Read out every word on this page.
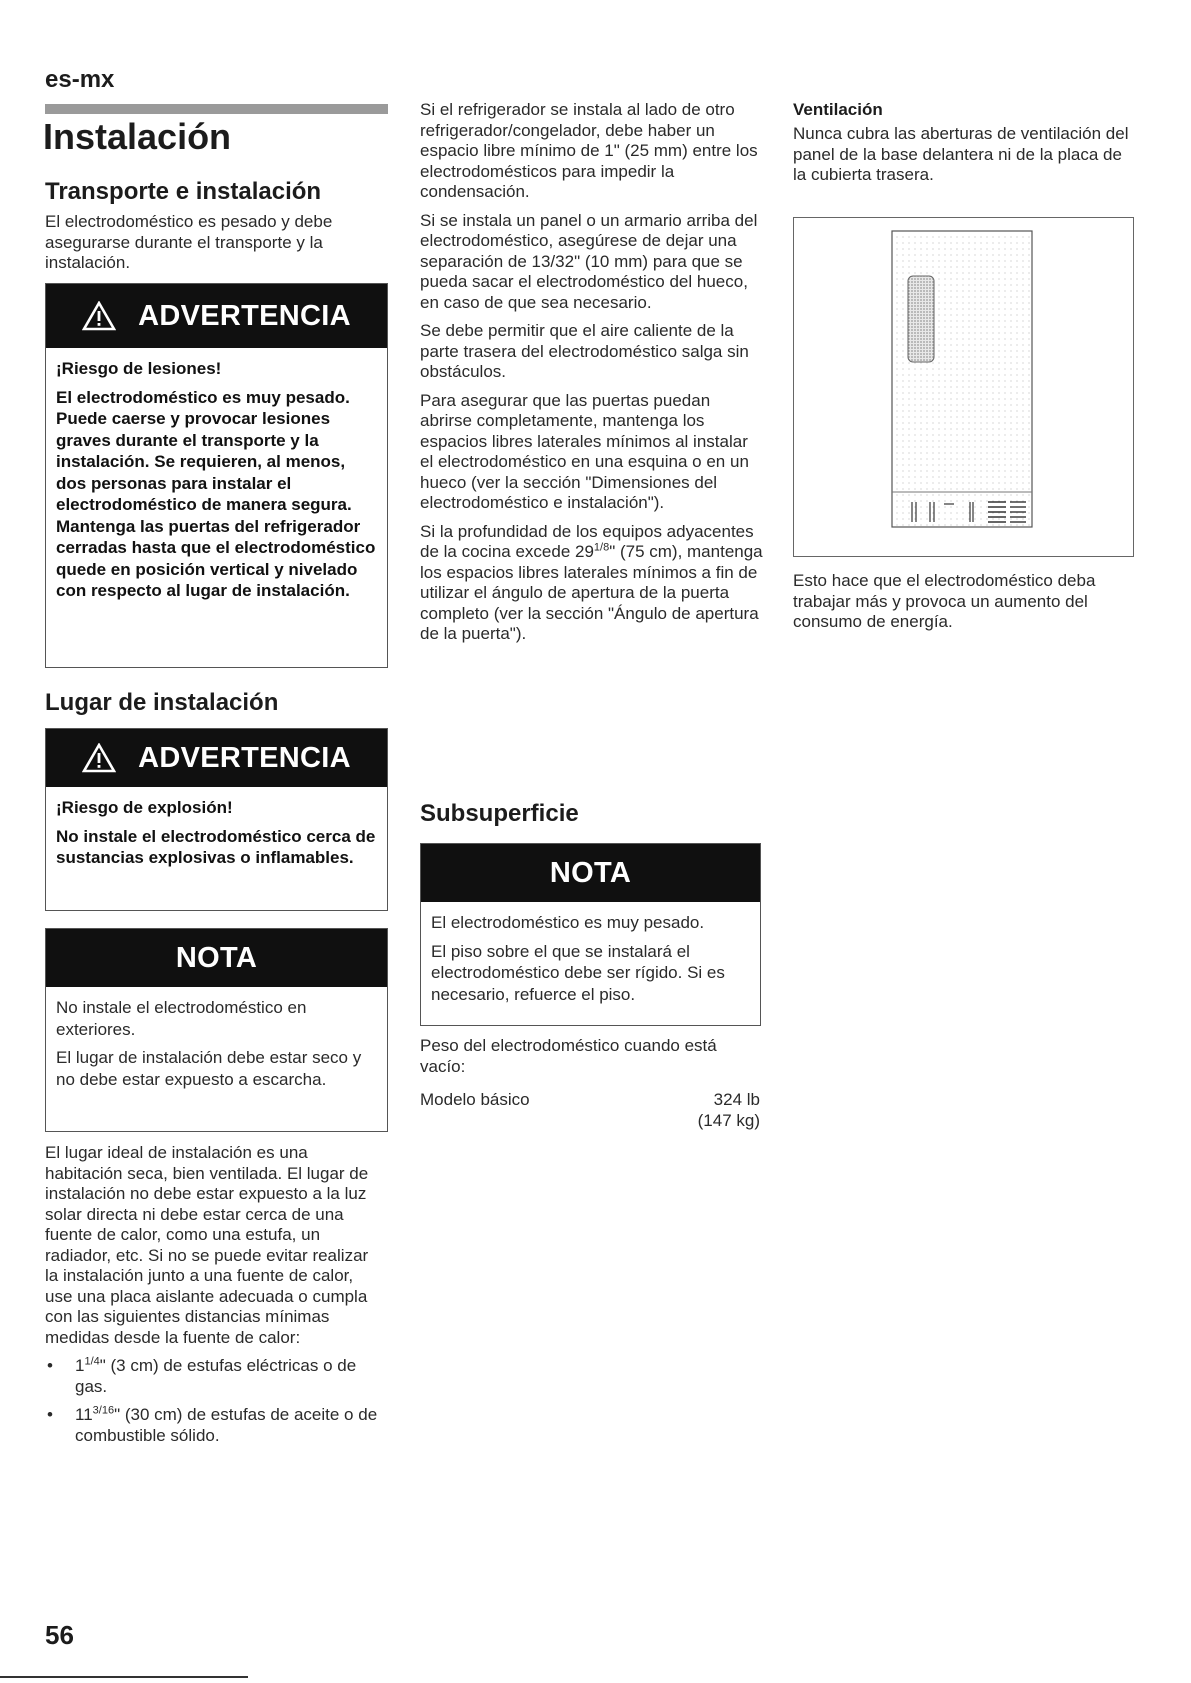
es-mx
Instalación
Transporte e instalación

El electrodoméstico es pesado y debe asegurarse durante el transporte y la instalación.

ADVERTENCIA

¡Riesgo de lesiones!

El electrodoméstico es muy pesado. Puede caerse y provocar lesiones graves durante el transporte y la instalación. Se requieren, al menos, dos personas para instalar el electrodoméstico de manera segura. Mantenga las puertas del refrigerador cerradas hasta que el electrodoméstico quede en posición vertical y nivelado con respecto al lugar de instalación.

Lugar de instalación
ADVERTENCIA

¡Riesgo de explosión!

No instale el electrodoméstico cerca de sustancias explosivas o inflamables.

NOTA

No instale el electrodoméstico en exteriores.

El lugar de instalación debe estar seco y no debe estar expuesto a escarcha.

El lugar ideal de instalación es una habitación seca, bien ventilada. El lugar de instalación no debe estar expuesto a la luz solar directa ni debe estar cerca de una fuente de calor, como una estufa, un radiador, etc. Si no se puede evitar realizar la instalación junto a una fuente de calor, use una placa aislante adecuada o cumpla con las siguientes distancias mínimas medidas desde la fuente de calor:

• $1^{1/4}$" (3 cm) de estufas eléctricas o de gas.
• $11^{3/16}$" (30 cm) de estufas de aceite o de combustible sólido.

Si el refrigerador se instala al lado de otro refrigerador/congelador, debe haber un espacio libre mínimo de 1" (25 mm) entre los electrodomésticos para impedir la condensación.

Si se instala un panel o un armario arriba del electrodoméstico, asegúrese de dejar una separación de 13/32" (10 mm) para que se pueda sacar el electrodoméstico del hueco, en caso de que sea necesario.

Se debe permitir que el aire caliente de la parte trasera del electrodoméstico salga sin obstáculos.

Para asegurar que las puertas puedan abrirse completamente, mantenga los espacios libres laterales mínimos al instalar el electrodoméstico en una esquina o en un hueco (ver la sección "Dimensiones del electrodoméstico e instalación").

Si la profundidad de los equipos adyacentes de la cocina excede $29^{1/8}$" (75 cm), mantenga los espacios libres laterales mínimos a fin de utilizar el ángulo de apertura de la puerta completo (ver la sección "Ángulo de apertura de la puerta").

Subsuperficie
NOTA

El electrodoméstico es muy pesado.

El piso sobre el que se instalará el electrodoméstico debe ser rígido. Si es necesario, refuerce el piso.

Peso del electrodoméstico cuando está vacío:

Modelo básico	324 lb
(147 kg)
Ventilación

Nunca cubra las aberturas de ventilación del panel de la base delantera ni de la placa de la cubierta trasera.

Esto hace que el electrodoméstico deba trabajar más y provoca un aumento del consumo de energía.

56
